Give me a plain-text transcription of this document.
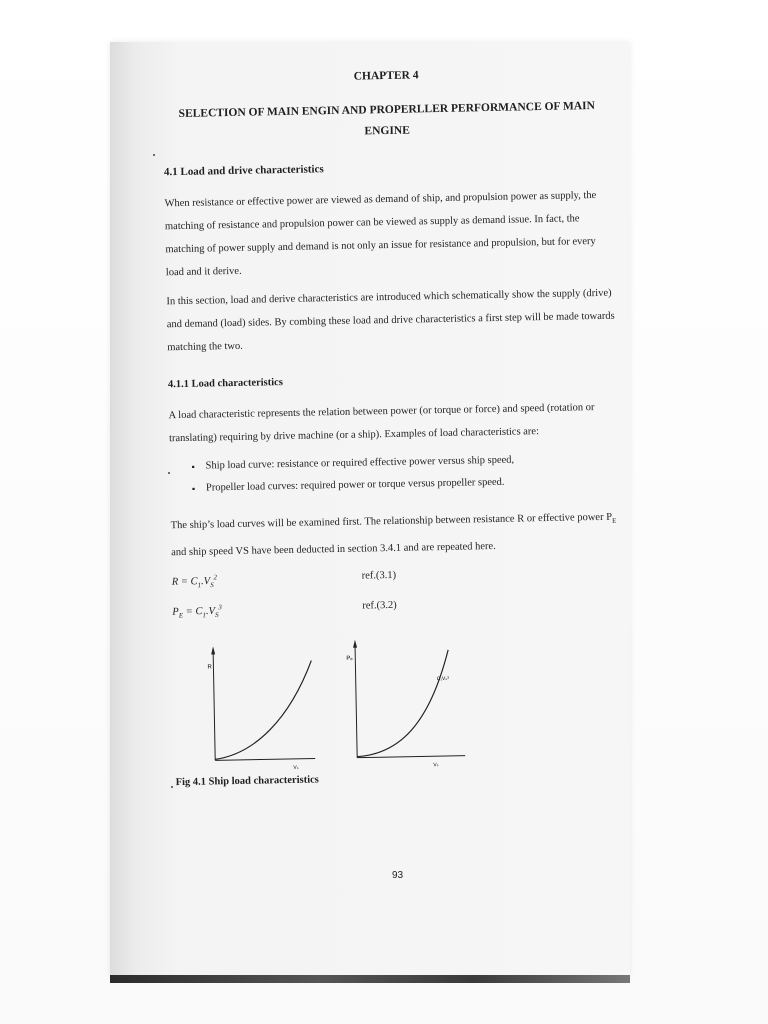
CHAPTER 4
SELECTION OF MAIN ENGIN AND PROPERLLER PERFORMANCE OF MAIN ENGINE
4.1 Load and drive characteristics

When resistance or effective power are viewed as demand of ship, and propulsion power as supply, the matching of resistance and propulsion power can be viewed as supply as demand issue. In fact, the matching of power supply and demand is not only an issue for resistance and propulsion, but for every load and it derive.

In this section, load and derive characteristics are introduced which schematically show the supply (drive) and demand (load) sides. By combing these load and drive characteristics a first step will be made towards matching the two.

4.1.1 Load characteristics

A load characteristic represents the relation between power (or torque or force) and speed (rotation or translating) requiring by drive machine (or a ship). Examples of load characteristics are:

▪ Ship load curve: resistance or required effective power versus ship speed,
▪ Propeller load curves: required power or torque versus propeller speed.

The ship’s load curves will be examined first. The relationship between resistance R or effective power $P_E$ and ship speed VS have been deducted in section 3.4.1 and are repeated here.

$R = C_1.V_S^2$	ref.(3.1)
$P_E = C_1.V_S^3$	ref.(3.2)
R
Vₛ
Pₑ
Vₛ
C₁Vₛ³
Fig 4.1 Ship load characteristics
93
